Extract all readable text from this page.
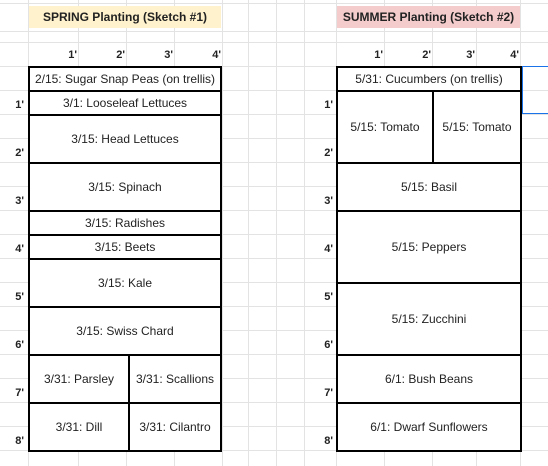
SPRING Planting (Sketch #1)	SUMMER Planting (Sketch #2)
1'	2'	3'	4'	1'	2'	3'	4'
1'
2'
3'
4'
5'
6'
7'
8'
1'
2'
3'
4'
5'
6'
7'
8'
2/15: Sugar Snap Peas (on trellis)
3/1: Looseleaf Lettuces
3/15: Head Lettuces
3/15: Spinach
3/15: Radishes
3/15: Beets
3/15: Kale
3/15: Swiss Chard
3/31: Parsley	3/31: Scallions
3/31: Dill	3/31: Cilantro
5/31: Cucumbers (on trellis)
5/15: Tomato	5/15: Tomato
5/15: Basil
5/15: Peppers
5/15: Zucchini
6/1: Bush Beans
6/1: Dwarf Sunflowers
